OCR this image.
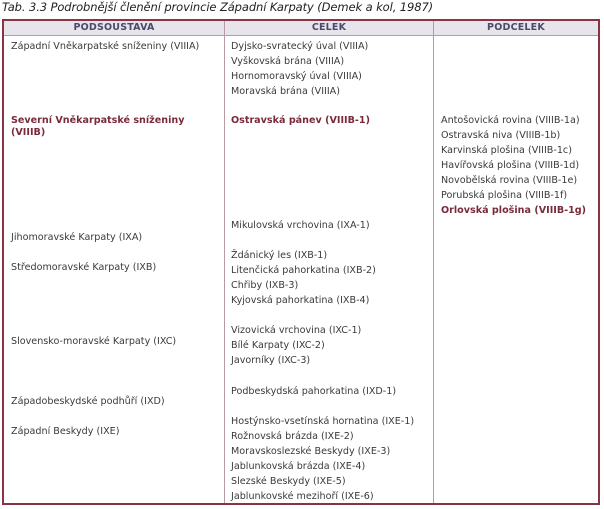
Tab. 3.3 Podrobnější členění provincie Západní Karpaty (Demek a kol, 1987)
PODSOUSTAVA	CELEK	PODCELEK
Západní Vněkarpatské sníženiny (VIIIA)
Severní Vněkarpatské sníženiny
(VIIIB)
Jihomoravské Karpaty (IXA)
Středomoravské Karpaty (IXB)
Slovensko-moravské Karpaty (IXC)
Západobeskydské podhůří (IXD)
Západní Beskydy (IXE)
Dyjsko-svratecký úval (VIIIA)
Vyškovská brána (VIIIA)
Hornomoravský úval (VIIIA)
Moravská brána (VIIIA)
Ostravská pánev (VIIIB-1)
Mikulovská vrchovina (IXA-1)
Ždánický les (IXB-1)
Litenčická pahorkatina (IXB-2)
Chřiby (IXB-3)
Kyjovská pahorkatina (IXB-4)
Vizovická vrchovina (IXC-1)
Bílé Karpaty (IXC-2)
Javorníky (IXC-3)
Podbeskydská pahorkatina (IXD-1)
Hostýnsko-vsetínská hornatina (IXE-1)
Rožnovská brázda (IXE-2)
Moravskoslezské Beskydy (IXE-3)
Jablunkovská brázda (IXE-4)
Slezské Beskydy (IXE-5)
Jablunkovské mezihoří (IXE-6)
Antošovická rovina (VIIIB-1a)
Ostravská niva (VIIIB-1b)
Karvinská plošina (VIIIB-1c)
Havířovská plošina (VIIIB-1d)
Novobělská rovina (VIIIB-1e)
Porubská plošina (VIIIB-1f)
Orlovská plošina (VIIIB-1g)
